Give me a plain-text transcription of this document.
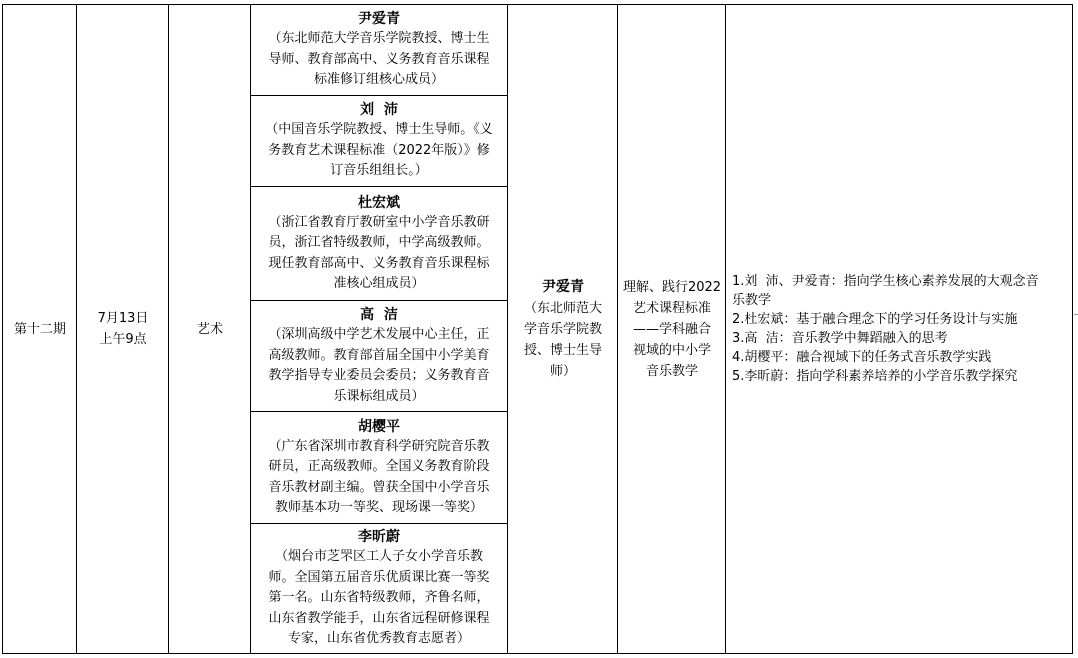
第十二期
7月13日
上午9点
艺术
尹爱青
（东北师范大学音乐学院教授、博士生
导师、教育部高中、义务教育音乐课程
标准修订组核心成员）
刘  沛
（中国音乐学院教授、博士生导师。《义
务教育艺术课程标准（2022年版）》修
订音乐组组长。）
杜宏斌
（浙江省教育厅教研室中小学音乐教研
员，浙江省特级教师，中学高级教师。
现任教育部高中、义务教育音乐课程标
准核心组成员）
高  洁
（深圳高级中学艺术发展中心主任，正
高级教师。教育部首届全国中小学美育
教学指导专业委员会委员；义务教育音
乐课标组成员）
胡樱平
（广东省深圳市教育科学研究院音乐教
研员，正高级教师。全国义务教育阶段
音乐教材副主编。曾获全国中小学音乐
教师基本功一等奖、现场课一等奖）
李昕蔚
（烟台市芝罘区工人子女小学音乐教
师。全国第五届音乐优质课比赛一等奖
第一名。山东省特级教师，齐鲁名师，
山东省教学能手，山东省远程研修课程
专家，山东省优秀教育志愿者）
尹爱青
（东北师范大
学音乐学院教
授、博士生导
师）
理解、践行2022
艺术课程标准
——学科融合
视域的中小学
音乐教学
1.刘  沛、尹爱青：指向学生核心素养发展的大观念音
乐教学
2.杜宏斌：基于融合理念下的学习任务设计与实施
3.高  洁：音乐教学中舞蹈融入的思考
4.胡樱平：融合视域下的任务式音乐教学实践
5.李昕蔚：指向学科素养培养的小学音乐教学探究
